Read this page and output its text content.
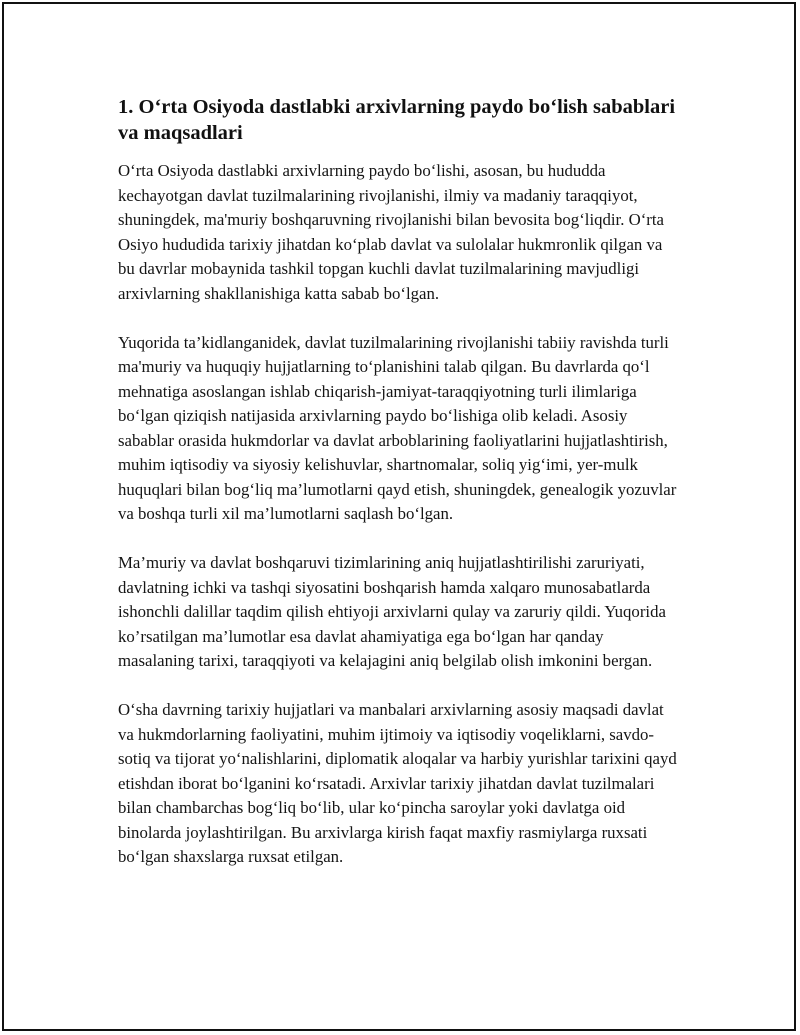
1. O‘rta Osiyoda dastlabki arxivlarning paydo bo‘lish sabablari va maqsadlari

O‘rta Osiyoda dastlabki arxivlarning paydo bo‘lishi, asosan, bu hududda kechayotgan davlat tuzilmalarining rivojlanishi, ilmiy va madaniy taraqqiyot, shuningdek, ma'muriy boshqaruvning rivojlanishi bilan bevosita bog‘liqdir. O‘rta Osiyo hududida tarixiy jihatdan ko‘plab davlat va sulolalar hukmronlik qilgan va bu davrlar mobaynida tashkil topgan kuchli davlat tuzilmalarining mavjudligi arxivlarning shakllanishiga katta sabab bo‘lgan.

Yuqorida ta’kidlanganidek, davlat tuzilmalarining rivojlanishi tabiiy ravishda turli ma'muriy va huquqiy hujjatlarning to‘planishini talab qilgan. Bu davrlarda qo‘l mehnatiga asoslangan ishlab chiqarish-jamiyat-taraqqiyotning turli ilimlariga bo‘lgan qiziqish natijasida arxivlarning paydo bo‘lishiga olib keladi. Asosiy sabablar orasida hukmdorlar va davlat arboblarining faoliyatlarini hujjatlashtirish, muhim iqtisodiy va siyosiy kelishuvlar, shartnomalar, soliq yig‘imi, yer-mulk huquqlari bilan bog‘liq ma’lumotlarni qayd etish, shuningdek, genealogik yozuvlar va boshqa turli xil ma’lumotlarni saqlash bo‘lgan.

Ma’muriy va davlat boshqaruvi tizimlarining aniq hujjatlashtirilishi zaruriyati, davlatning ichki va tashqi siyosatini boshqarish hamda xalqaro munosabatlarda ishonchli dalillar taqdim qilish ehtiyoji arxivlarni qulay va zaruriy qildi. Yuqorida ko’rsatilgan ma’lumotlar esa davlat ahamiyatiga ega bo‘lgan har qanday masalaning tarixi, taraqqiyoti va kelajagini aniq belgilab olish imkonini bergan.

O‘sha davrning tarixiy hujjatlari va manbalari arxivlarning asosiy maqsadi davlat va hukmdorlarning faoliyatini, muhim ijtimoiy va iqtisodiy voqeliklarni, savdo-sotiq va tijorat yo‘nalishlarini, diplomatik aloqalar va harbiy yurishlar tarixini qayd etishdan iborat bo‘lganini ko‘rsatadi. Arxivlar tarixiy jihatdan davlat tuzilmalari bilan chambarchas bog‘liq bo‘lib, ular ko‘pincha saroylar yoki davlatga oid binolarda joylashtirilgan. Bu arxivlarga kirish faqat maxfiy rasmiylarga ruxsati bo‘lgan shaxslarga ruxsat etilgan.
